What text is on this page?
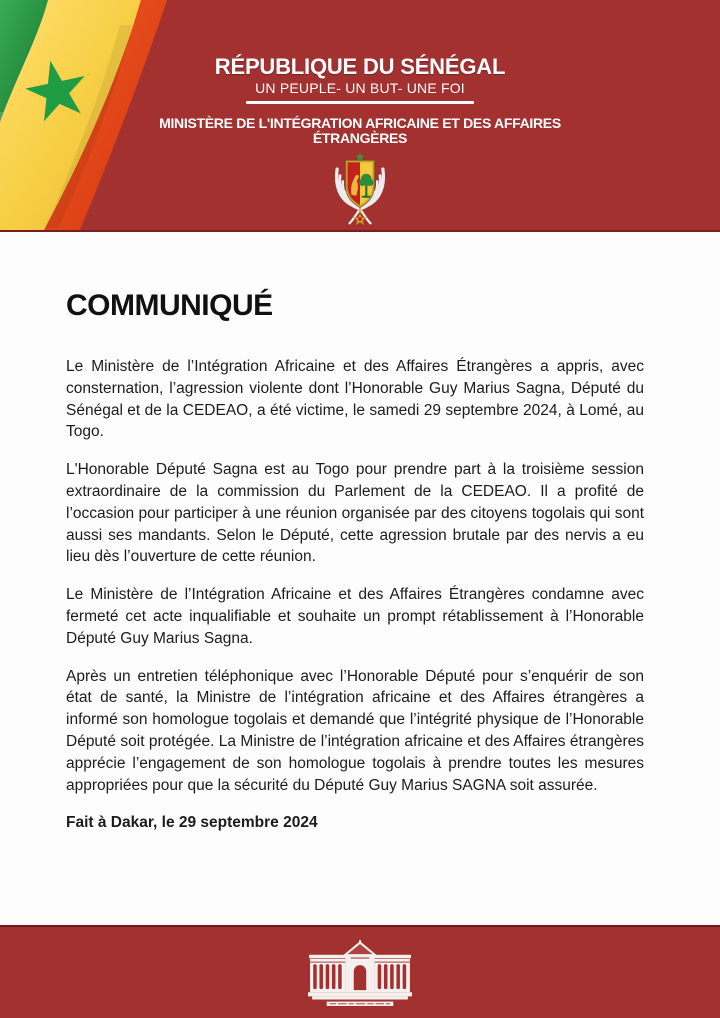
RÉPUBLIQUE DU SÉNÉGAL
UN PEUPLE- UN BUT- UNE FOI
MINISTÈRE DE L'INTÉGRATION AFRICAINE ET DES AFFAIRES
ÉTRANGÈRES
COMMUNIQUÉ

Le Ministère de l’Intégration Africaine et des Affaires Étrangères a appris, avec consternation, l’agression violente dont l’Honorable Guy Marius Sagna, Député du Sénégal et de la CEDEAO, a été victime, le samedi 29 septembre 2024, à Lomé, au Togo.

L'Honorable Député Sagna est au Togo pour prendre part à la troisième session extraordinaire de la commission du Parlement de la CEDEAO. Il a profité de l’occasion pour participer à une réunion organisée par des citoyens togolais qui sont aussi ses mandants. Selon le Député, cette agression brutale par des nervis a eu lieu dès l’ouverture de cette réunion.

Le Ministère de l’Intégration Africaine et des Affaires Étrangères condamne avec fermeté cet acte inqualifiable et souhaite un prompt rétablissement à l’Honorable Député Guy Marius Sagna.

Après un entretien téléphonique avec l’Honorable Député pour s’enquérir de son état de santé, la Ministre de l’intégration africaine et des Affaires étrangères a informé son homologue togolais et demandé que l’intégrité physique de l’Honorable Député soit protégée. La Ministre de l’intégration africaine et des Affaires étrangères apprécie l’engagement de son homologue togolais à prendre toutes les mesures appropriées pour que la sécurité du Député Guy Marius SAGNA soit assurée.

Fait à Dakar, le 29 septembre 2024
